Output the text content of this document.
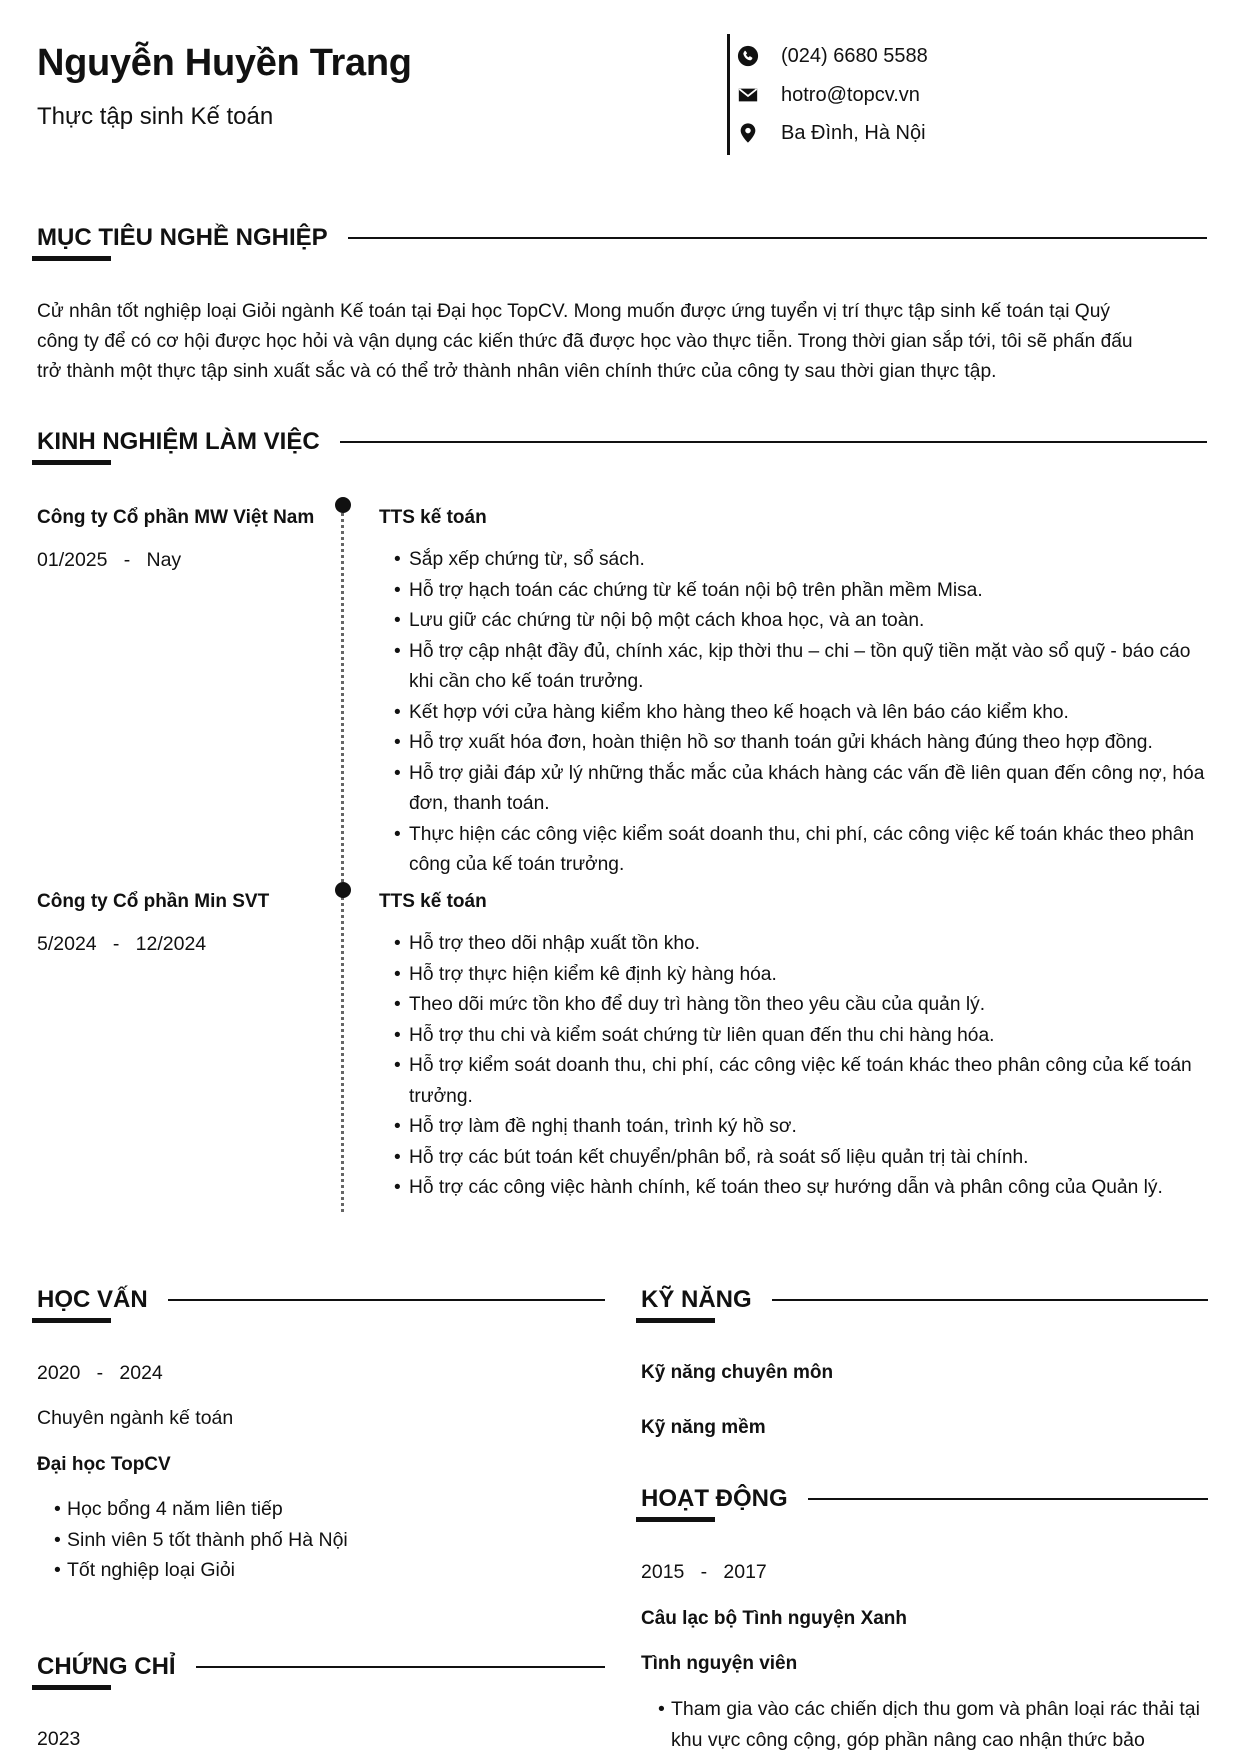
Nguyễn Huyền Trang
Thực tập sinh Kế toán
(024) 6680 5588
hotro@topcv.vn
Ba Đình, Hà Nội
MỤC TIÊU NGHỀ NGHIỆP
Cử nhân tốt nghiệp loại Giỏi ngành Kế toán tại Đại học TopCV. Mong muốn được ứng tuyển vị trí thực tập sinh kế toán tại Quý
công ty để có cơ hội được học hỏi và vận dụng các kiến thức đã được học vào thực tiễn. Trong thời gian sắp tới, tôi sẽ phấn đấu
trở thành một thực tập sinh xuất sắc và có thể trở thành nhân viên chính thức của công ty sau thời gian thực tập.
KINH NGHIỆM LÀM VIỆC
Công ty Cổ phần MW Việt Nam
01/2025   -   Nay
TTS kế toán
• Sắp xếp chứng từ, sổ sách.
• Hỗ trợ hạch toán các chứng từ kế toán nội bộ trên phần mềm Misa.
• Lưu giữ các chứng từ nội bộ một cách khoa học, và an toàn.
• Hỗ trợ cập nhật đầy đủ, chính xác, kịp thời thu – chi – tồn quỹ tiền mặt vào sổ quỹ - báo cáo khi cần cho kế toán trưởng.
• Kết hợp với cửa hàng kiểm kho hàng theo kế hoạch và lên báo cáo kiểm kho.
• Hỗ trợ xuất hóa đơn, hoàn thiện hồ sơ thanh toán gửi khách hàng đúng theo hợp đồng.
• Hỗ trợ giải đáp xử lý những thắc mắc của khách hàng các vấn đề liên quan đến công nợ, hóa đơn, thanh toán.
• Thực hiện các công việc kiểm soát doanh thu, chi phí, các công việc kế toán khác theo phân công của kế toán trưởng.
Công ty Cổ phần Min SVT
5/2024   -   12/2024
TTS kế toán
• Hỗ trợ theo dõi nhập xuất tồn kho.
• Hỗ trợ thực hiện kiểm kê định kỳ hàng hóa.
• Theo dõi mức tồn kho để duy trì hàng tồn theo yêu cầu của quản lý.
• Hỗ trợ thu chi và kiểm soát chứng từ liên quan đến thu chi hàng hóa.
• Hỗ trợ kiểm soát doanh thu, chi phí, các công việc kế toán khác theo phân công của kế toán trưởng.
• Hỗ trợ làm đề nghị thanh toán, trình ký hồ sơ.
• Hỗ trợ các bút toán kết chuyển/phân bổ, rà soát số liệu quản trị tài chính.
• Hỗ trợ các công việc hành chính, kế toán theo sự hướng dẫn và phân công của Quản lý.
HỌC VẤN
2020   -   2024
Chuyên ngành kế toán
Đại học TopCV
• Học bổng 4 năm liên tiếp
• Sinh viên 5 tốt thành phố Hà Nội
• Tốt nghiệp loại Giỏi
CHỨNG CHỈ
2023
KỸ NĂNG
Kỹ năng chuyên môn
Kỹ năng mềm
HOẠT ĐỘNG
2015   -   2017
Câu lạc bộ Tình nguyện Xanh
Tình nguyện viên
• Tham gia vào các chiến dịch thu gom và phân loại rác thải tại khu vực công cộng, góp phần nâng cao nhận thức bảo
